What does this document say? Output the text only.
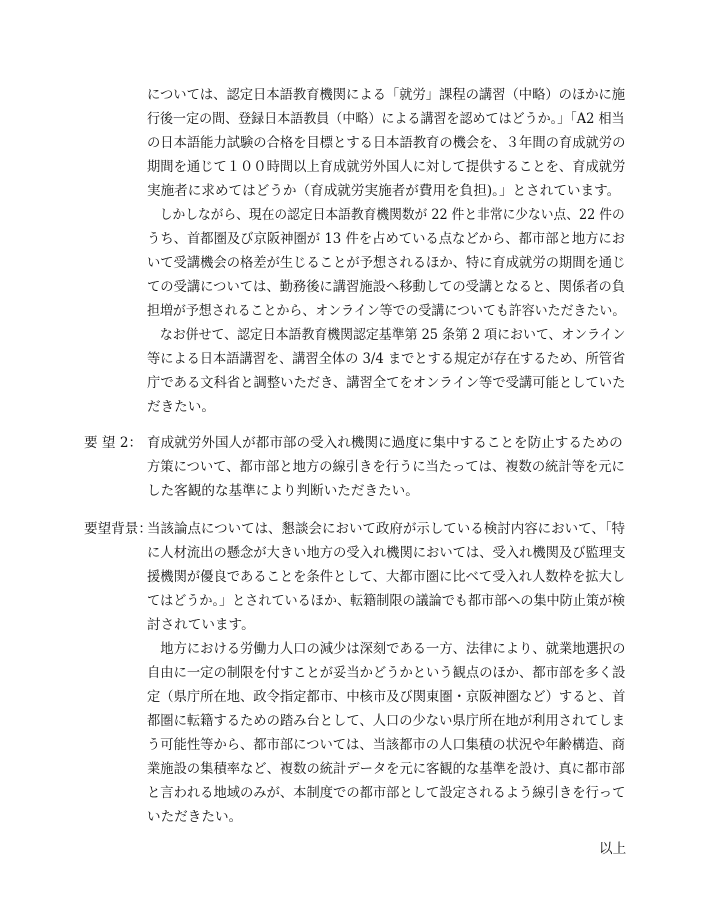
については、認定日本語教育機関による「就労」課程の講習（中略）のほかに施
行後一定の間、登録日本語教員（中略）による講習を認めてはどうか。」「A2 相当
の日本語能力試験の合格を目標とする日本語教育の機会を、３年間の育成就労の
期間を通じて１００時間以上育成就労外国人に対して提供することを、育成就労
実施者に求めてはどうか（育成就労実施者が費用を負担)。」とされています。
　しかしながら、現在の認定日本語教育機関数が 22 件と非常に少ない点、22 件の
うち、首都圏及び京阪神圏が 13 件を占めている点などから、都市部と地方にお
いて受講機会の格差が生じることが予想されるほか、特に育成就労の期間を通じ
ての受講については、勤務後に講習施設へ移動しての受講となると、関係者の負
担増が予想されることから、オンライン等での受講についても許容いただきたい。
　なお併せて、認定日本語教育機関認定基準第 25 条第 2 項において、オンライン
等による日本語講習を、講習全体の 3/4 までとする規定が存在するため、所管省
庁である文科省と調整いただき、講習全てをオンライン等で受講可能としていた
だきたい。
要 望 2： 育成就労外国人が都市部の受入れ機関に過度に集中することを防止するための
方策について、都市部と地方の線引きを行うに当たっては、複数の統計等を元に
した客観的な基準により判断いただきたい。
要望背景：
当該論点については、懇談会において政府が示している検討内容において、「特
に人材流出の懸念が大きい地方の受入れ機関においては、受入れ機関及び監理支
援機関が優良であることを条件として、大都市圏に比べて受入れ人数枠を拡大し
てはどうか。」とされているほか、転籍制限の議論でも都市部への集中防止策が検
討されています。
　地方における労働力人口の減少は深刻である一方、法律により、就業地選択の
自由に一定の制限を付すことが妥当かどうかという観点のほか、都市部を多く設
定（県庁所在地、政令指定都市、中核市及び関東圏・京阪神圏など）すると、首
都圏に転籍するための踏み台として、人口の少ない県庁所在地が利用されてしま
う可能性等から、都市部については、当該都市の人口集積の状況や年齢構造、商
業施設の集積率など、複数の統計データを元に客観的な基準を設け、真に都市部
と言われる地域のみが、本制度での都市部として設定されるよう線引きを行って
いただきたい。
以上
